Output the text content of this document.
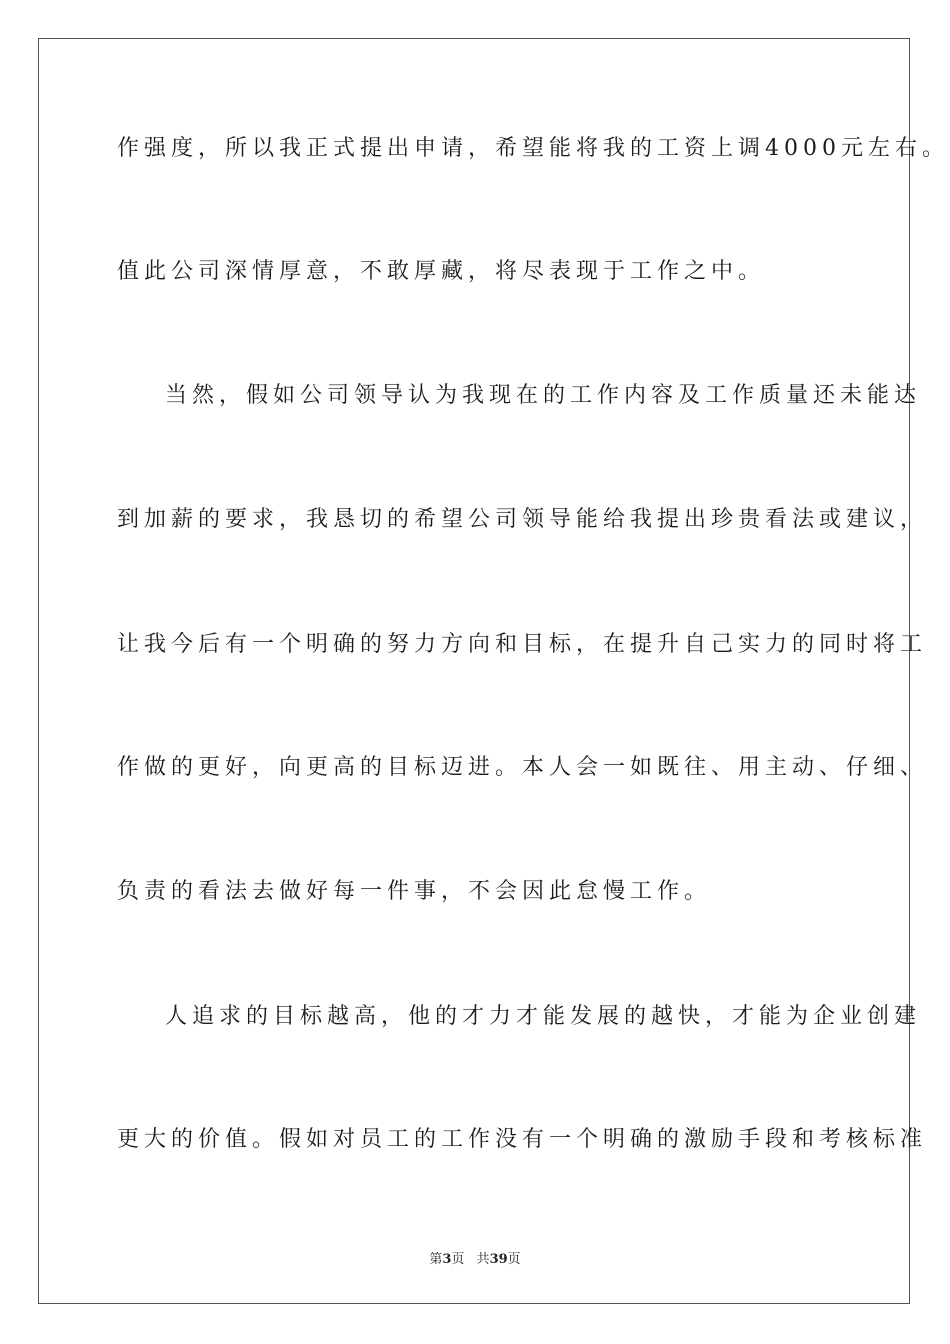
作强度，所以我正式提出申请，希望能将我的工资上调4000元左右。
值此公司深情厚意，不敢厚藏，将尽表现于工作之中。
当然，假如公司领导认为我现在的工作内容及工作质量还未能达
到加薪的要求，我恳切的希望公司领导能给我提出珍贵看法或建议，
让我今后有一个明确的努力方向和目标，在提升自己实力的同时将工
作做的更好，向更高的目标迈进。本人会一如既往、用主动、仔细、
负责的看法去做好每一件事，不会因此怠慢工作。
人追求的目标越高，他的才力才能发展的越快，才能为企业创建
更大的价值。假如对员工的工作没有一个明确的激励手段和考核标准
第3页 共39页
